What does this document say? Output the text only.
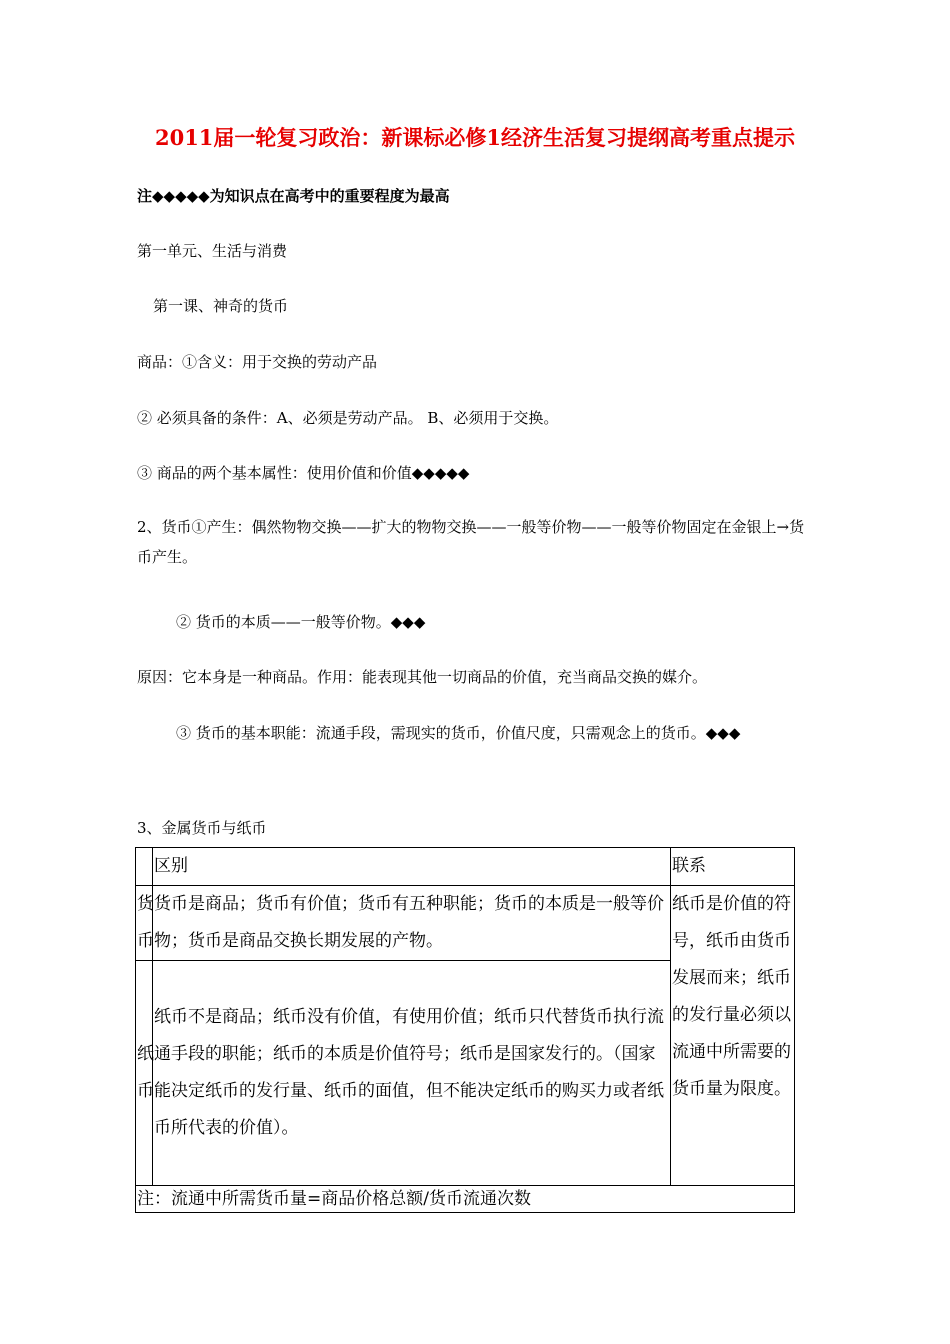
2011届一轮复习政治：新课标必修1经济生活复习提纲高考重点提示
注◆◆◆◆◆为知识点在高考中的重要程度为最高
第一单元、生活与消费
第一课、神奇的货币
商品：①含义：用于交换的劳动产品
② 必须具备的条件：A、必须是劳动产品。 B、必须用于交换。
③ 商品的两个基本属性：使用价值和价值◆◆◆◆◆
2、货币①产生：偶然物物交换——扩大的物物交换——一般等价物——一般等价物固定在金银上→货币产生。
② 货币的本质——一般等价物。◆◆◆
原因：它本身是一种商品。作用：能表现其他一切商品的价值，充当商品交换的媒介。
③ 货币的基本职能：流通手段，需现实的货币，价值尺度，只需观念上的货币。◆◆◆
3、金属货币与纸币
	区别	联系
货币	货币是商品；货币有价值；货币有五种职能；货币的本质是一般等价物；货币是商品交换长期发展的产物。	纸币是价值的符号，纸币由货币发展而来；纸币的发行量必须以流通中所需要的货币量为限度。
纸币	纸币不是商品；纸币没有价值，有使用价值；纸币只代替货币执行流通手段的职能；纸币的本质是价值符号；纸币是国家发行的。（国家能决定纸币的发行量、纸币的面值，但不能决定纸币的购买力或者纸币所代表的价值）。	
注：流通中所需货币量=商品价格总额/货币流通次数		
